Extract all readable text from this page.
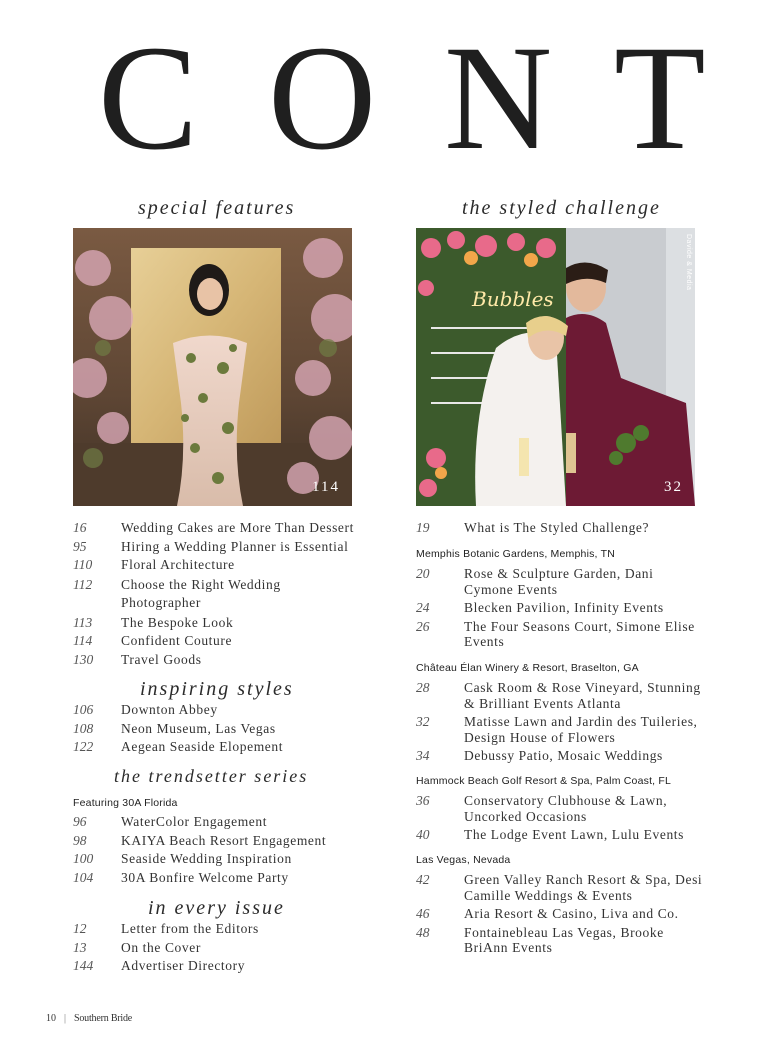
C O N T
special features	the styled challenge
114
Bubbles
Davide & Media
32
16	Wedding Cakes are More Than Dessert
95	Hiring a Wedding Planner is Essential
110	Floral Architecture
112	Choose the Right Wedding Photographer
113	The Bespoke Look
114	Confident Couture
130	Travel Goods
inspiring styles
106	Downton Abbey
108	Neon Museum, Las Vegas
122	Aegean Seaside Elopement
the trendsetter series
Featuring 30A Florida
96	WaterColor Engagement
98	KAIYA Beach Resort Engagement
100	Seaside Wedding Inspiration
104	30A Bonfire Welcome Party
in every issue
12	Letter from the Editors
13	On the Cover
144	Advertiser Directory
19	What is The Styled Challenge?
Memphis Botanic Gardens, Memphis, TN
20	Rose & Sculpture Garden, Dani Cymone Events
24	Blecken Pavilion, Infinity Events
26	The Four Seasons Court, Simone Elise Events
Château Élan Winery & Resort, Braselton, GA
28	Cask Room & Rose Vineyard, Stunning & Brilliant Events Atlanta
32	Matisse Lawn and Jardin des Tuileries, Design House of Flowers
34	Debussy Patio, Mosaic Weddings
Hammock Beach Golf Resort & Spa, Palm Coast, FL
36	Conservatory Clubhouse & Lawn, Uncorked Occasions
40	The Lodge Event Lawn, Lulu Events
Las Vegas, Nevada
42	Green Valley Ranch Resort & Spa, Desi Camille Weddings & Events
46	Aria Resort & Casino, Liva and Co.
48	Fontainebleau Las Vegas, Brooke BriAnn Events
10 | Southern Bride
